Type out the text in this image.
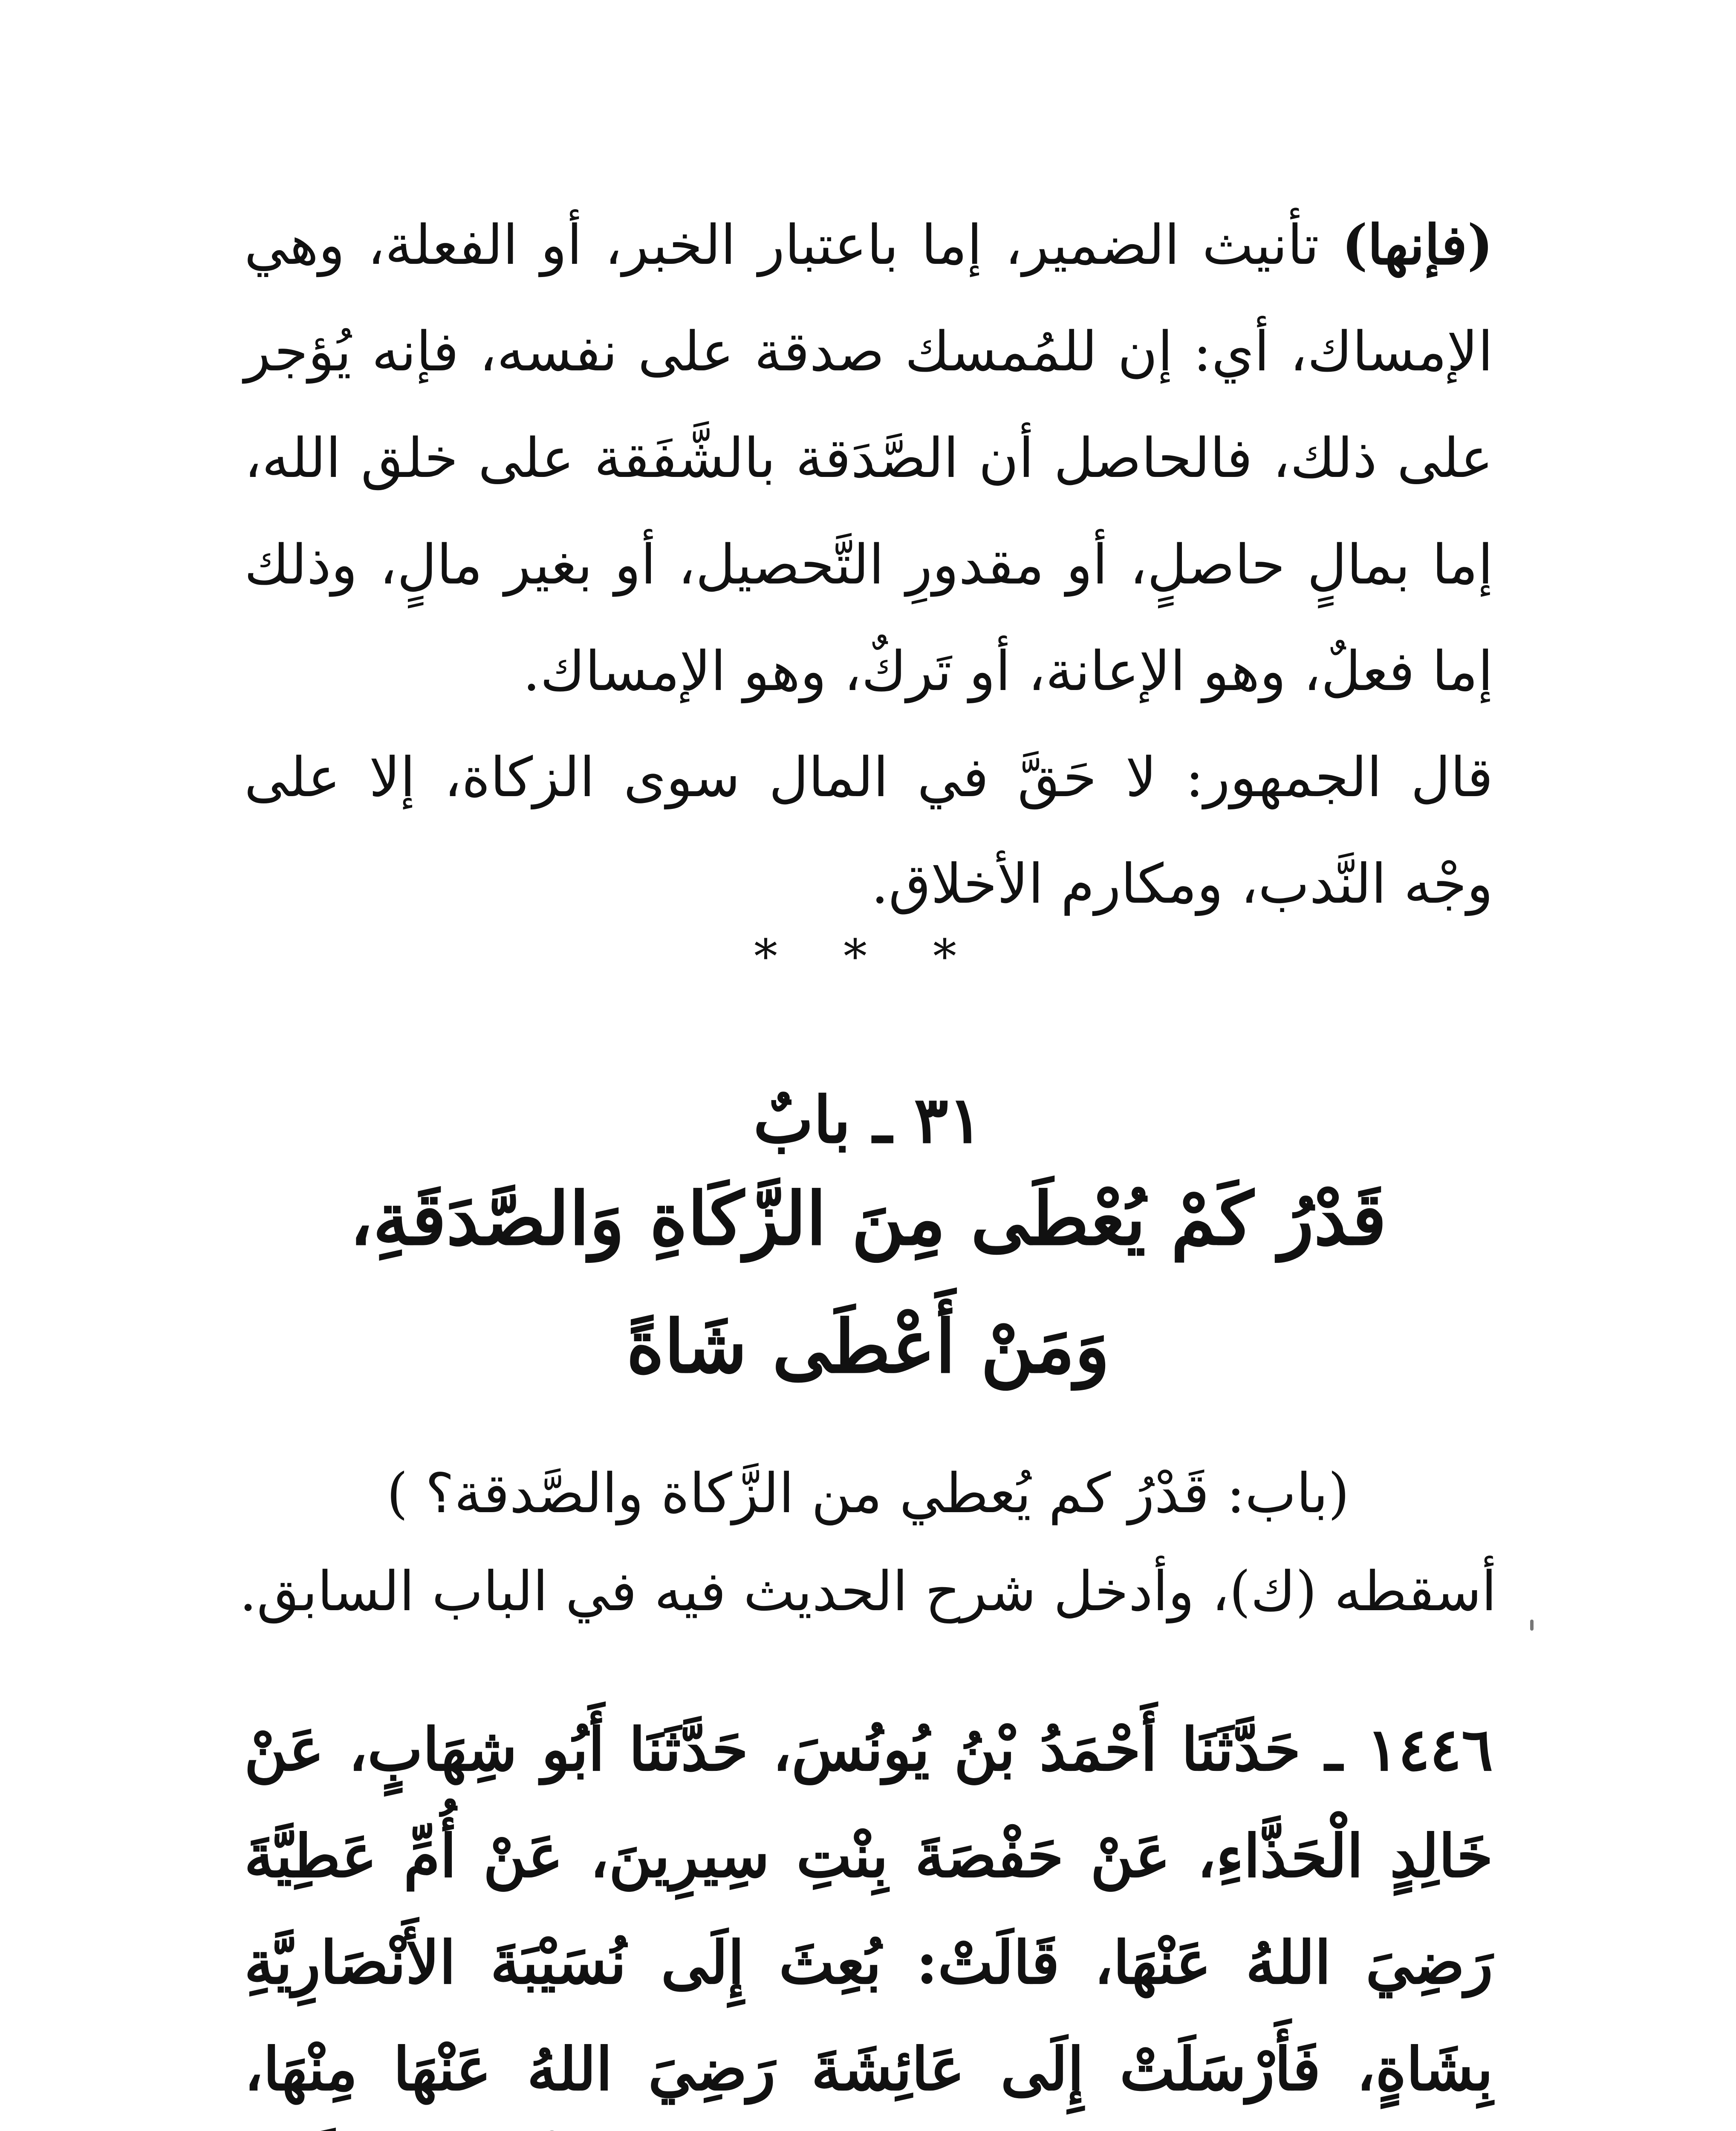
(فإنها) تأنيث الضمير، إما باعتبار الخبر، أو الفعلة، وهي الإمساك، أي: إن للمُمسك صدقة على نفسه، فإنه يُؤجر على ذلك، فالحاصل أن الصَّدَقة بالشَّفَقة على خلق الله، إما بمالٍ حاصلٍ، أو مقدورِ التَّحصيل، أو بغير مالٍ، وذلك إما فعلٌ، وهو الإعانة، أو تَركٌ، وهو الإمساك.

قال الجمهور: لا حَقَّ في المال سوى الزكاة، إلا على وجْه النَّدب، ومكارم الأخلاق.

* * *
٣١ ـ بابٌ
قَدْرُ كَمْ يُعْطَى مِنَ الزَّكَاةِ وَالصَّدَقَةِ،
وَمَنْ أَعْطَى شَاةً
(باب: قَدْرُ كم يُعطي من الزَّكاة والصَّدقة؟ )
أسقطه (ك)، وأدخل شرح الحديث فيه في الباب السابق.

١٤٤٦ ـ حَدَّثَنَا أَحْمَدُ بْنُ يُونُسَ، حَدَّثَنَا أَبُو شِهَابٍ، عَنْ خَالِدٍ الْحَذَّاءِ، عَنْ حَفْصَةَ بِنْتِ سِيرِينَ، عَنْ أُمِّ عَطِيَّةَ رَضِيَ اللهُ عَنْهَا، قَالَتْ: بُعِثَ إِلَى نُسَيْبَةَ الأَنْصَارِيَّةِ بِشَاةٍ، فَأَرْسَلَتْ إِلَى عَائِشَةَ رَضِيَ اللهُ عَنْهَا مِنْهَا،
